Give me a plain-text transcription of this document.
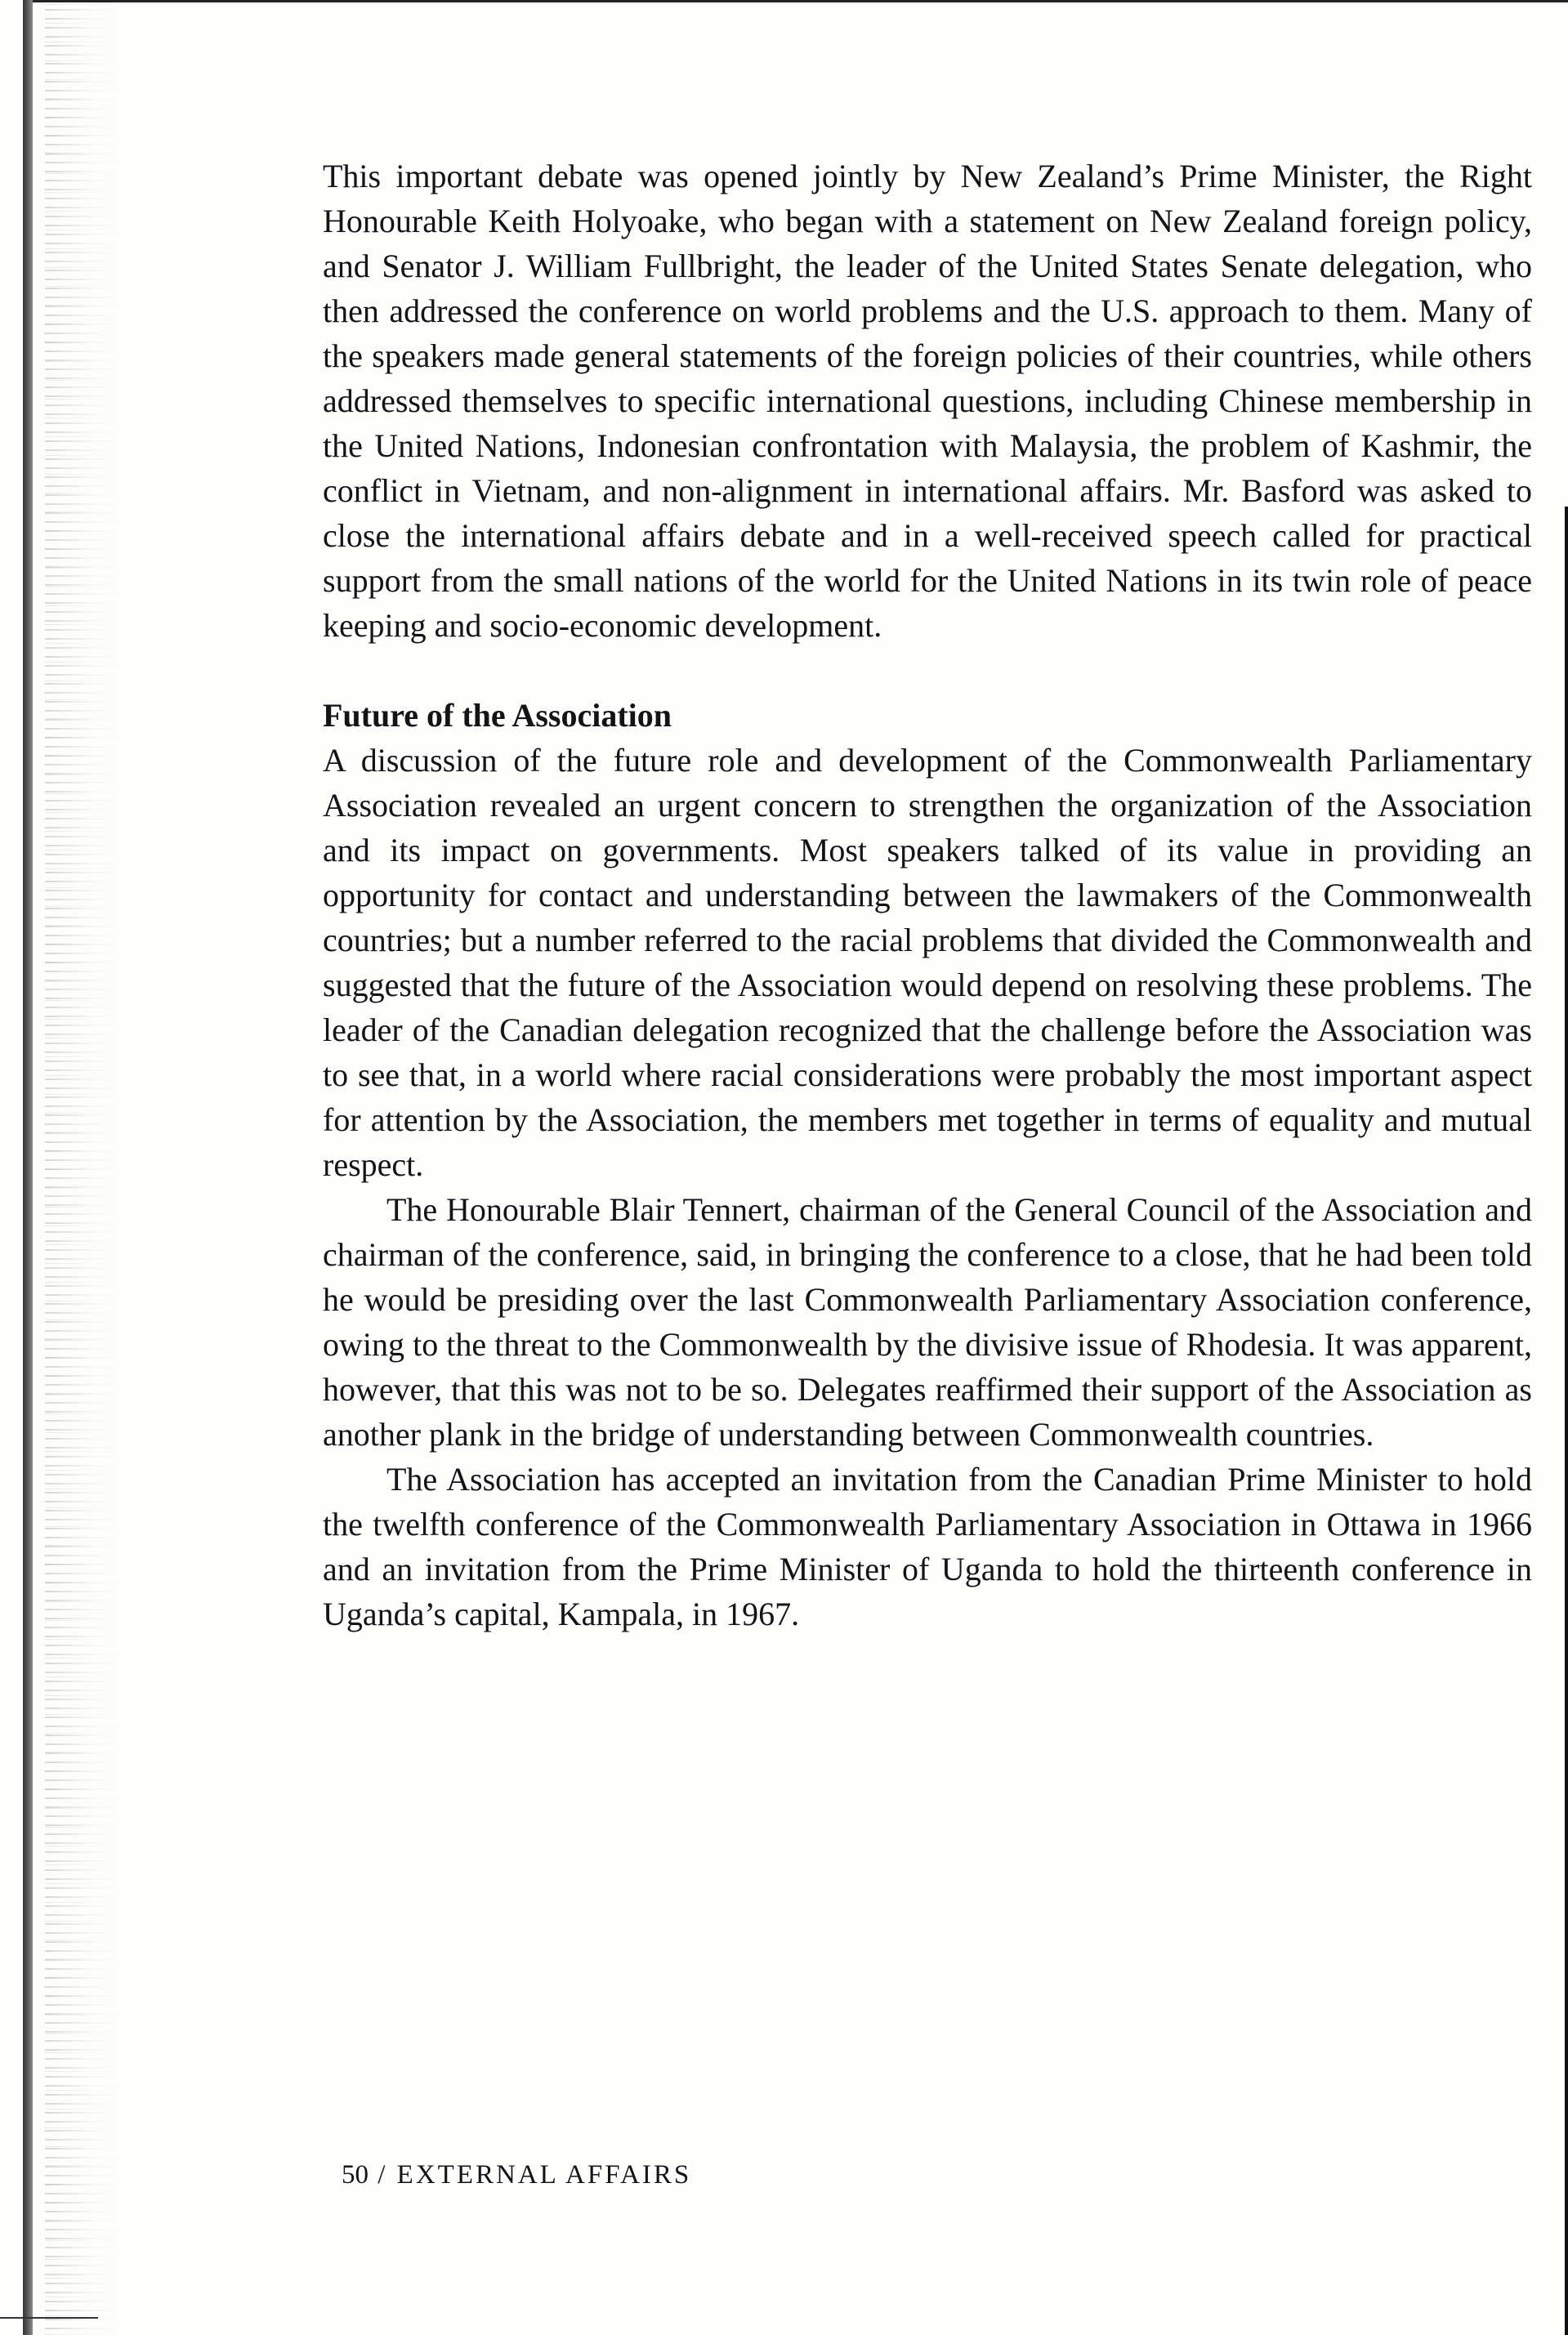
This important debate was opened jointly by New Zealand’s Prime Minister, the Right Honourable Keith Holyoake, who began with a statement on New Zealand foreign policy, and Senator J. William Fullbright, the leader of the United States Senate delegation, who then addressed the conference on world problems and the U.S. approach to them. Many of the speakers made general statements of the foreign policies of their countries, while others addressed themselves to specific international questions, including Chinese membership in the United Nations, Indonesian confrontation with Malaysia, the problem of Kashmir, the conflict in Vietnam, and non-alignment in international affairs. Mr. Basford was asked to close the international affairs debate and in a well-received speech called for practical support from the small nations of the world for the United Nations in its twin role of peace keeping and socio-economic development.

Future of the Association

A discussion of the future role and development of the Commonwealth Parliamentary Association revealed an urgent concern to strengthen the organization of the Association and its impact on governments. Most speakers talked of its value in providing an opportunity for contact and understanding between the lawmakers of the Commonwealth countries; but a number referred to the racial problems that divided the Commonwealth and suggested that the future of the Association would depend on resolving these problems. The leader of the Canadian delegation recognized that the challenge before the Association was to see that, in a world where racial considerations were probably the most important aspect for attention by the Association, the members met together in terms of equality and mutual respect.

The Honourable Blair Tennert, chairman of the General Council of the Association and chairman of the conference, said, in bringing the conference to a close, that he had been told he would be presiding over the last Commonwealth Parliamentary Association conference, owing to the threat to the Commonwealth by the divisive issue of Rhodesia. It was apparent, however, that this was not to be so. Delegates reaffirmed their support of the Association as another plank in the bridge of understanding between Commonwealth countries.

The Association has accepted an invitation from the Canadian Prime Minister to hold the twelfth conference of the Commonwealth Parliamentary Association in Ottawa in 1966 and an invitation from the Prime Minister of Uganda to hold the thirteenth conference in Uganda’s capital, Kampala, in 1967.

50 / EXTERNAL AFFAIRS
